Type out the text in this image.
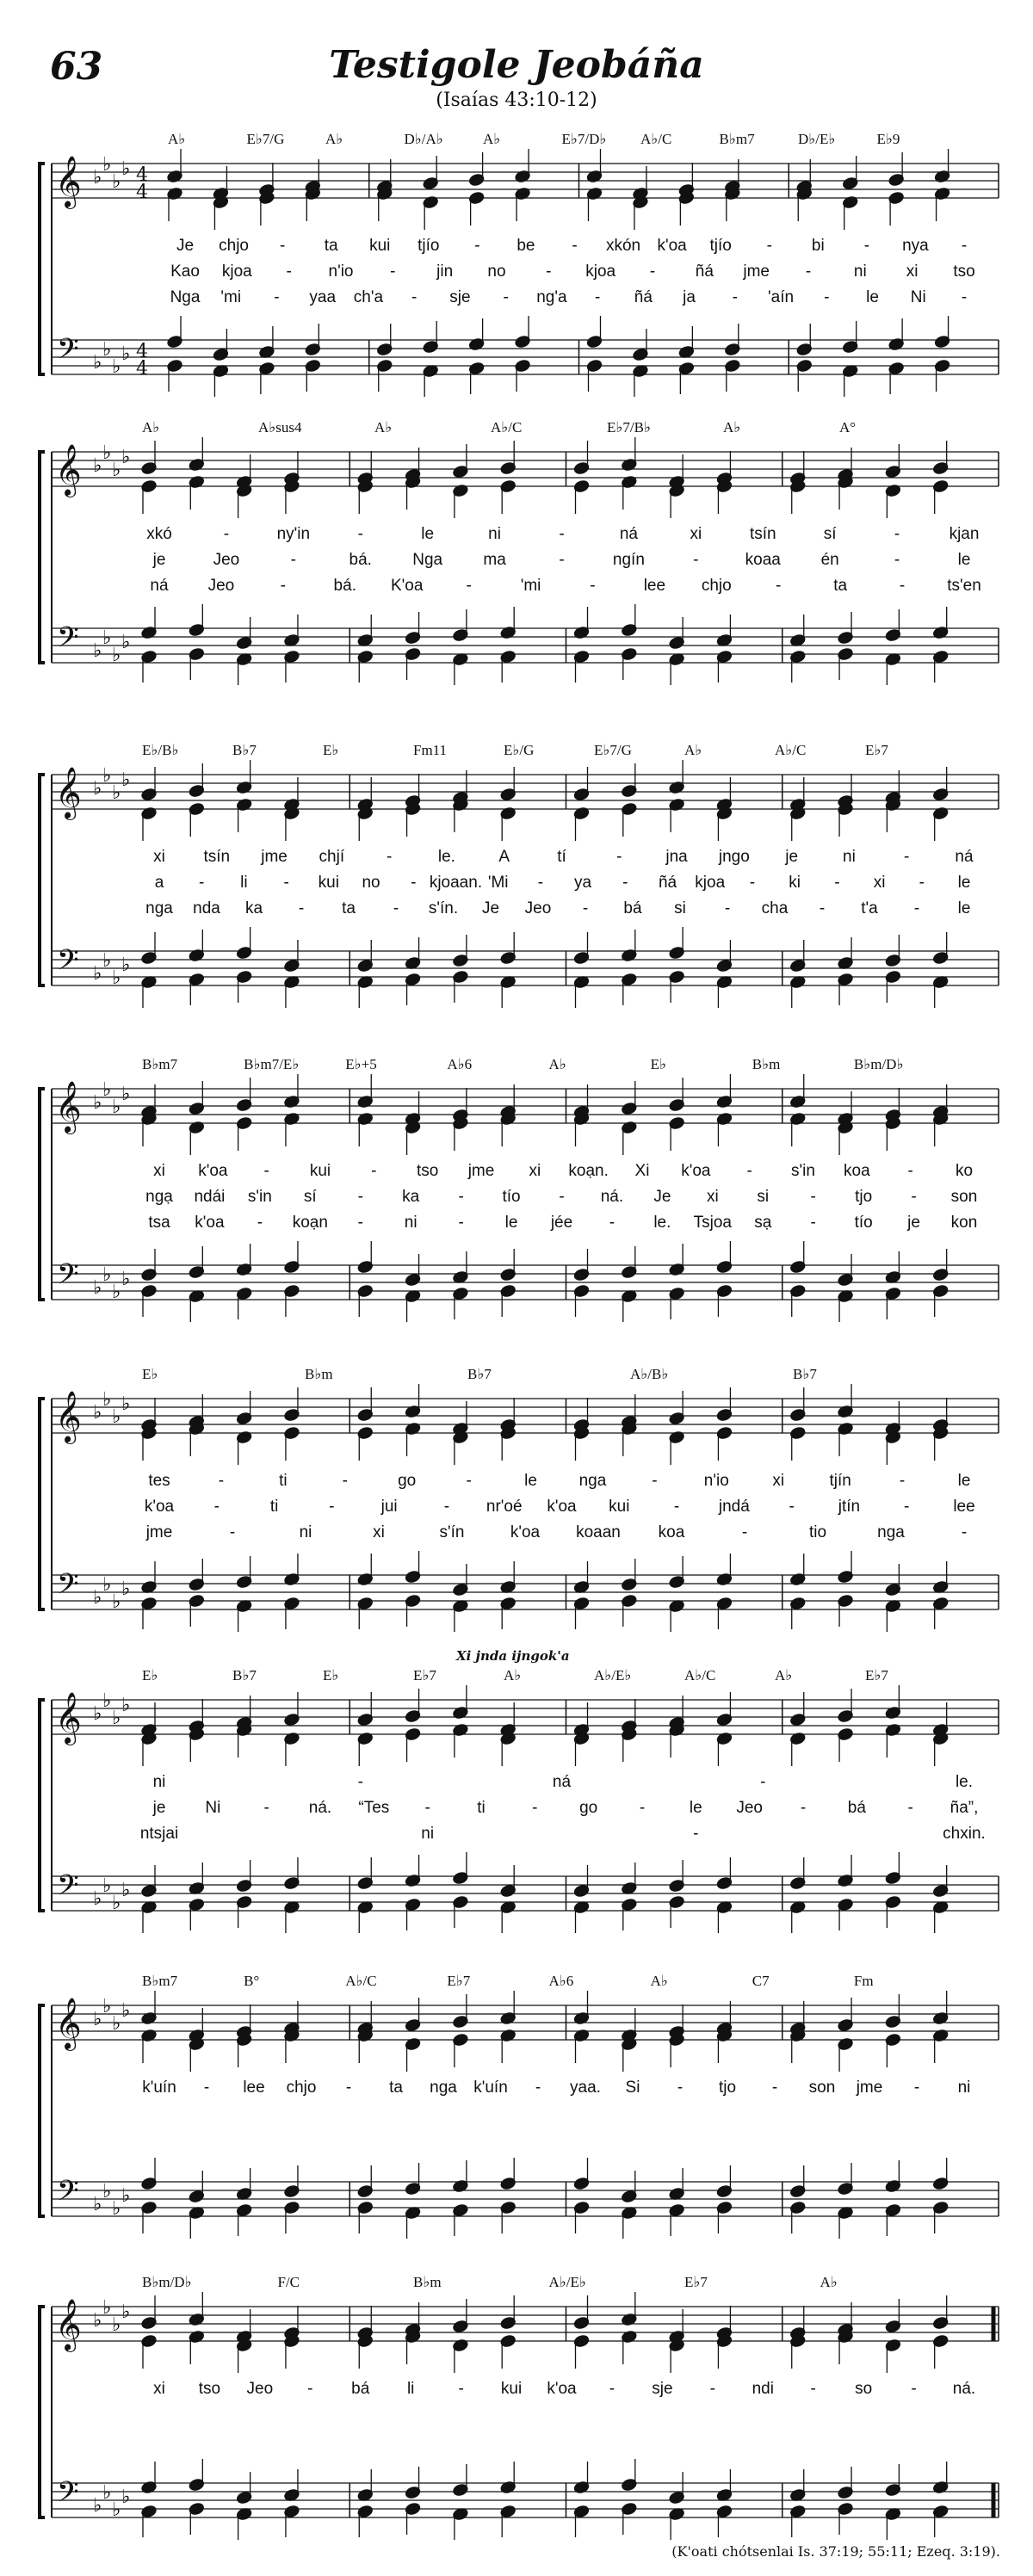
63	Testigole Jeobáña
(Isaías 43:10-12)
𝄞
𝄢
♭
♭
♭
♭
♭
♭
♭
♭
4
4
4
4
A♭	E♭7/G	A♭	D♭/A♭	A♭	E♭7/D♭ A♭/C	B♭m7	D♭/E♭	E♭9
Je chjo - ta kui tjío - be - xkón k'oa tjío - bi - nya -
Kao kjoa - n'io -	jin no - kjoa - ñá jme -	ni xi tso
Nga 'mi - yaa ch'a - sje - ng'a - ñá ja - 'aín - le Ni -
𝄞
𝄢
♭
♭
♭
♭
♭
♭
♭
♭
A♭	A♭sus4	A♭	A♭/C	E♭7/B♭	A♭	A°
xkó	-	ny'in	-	le	ni	-	ná	xi	tsín	sí	-	kjan
je	Jeo	-	bá. Nga ma	-	ngín	-	koaa én	-	le
ná Jeo	-	bá. K'oa	-	'mi	-	lee chjo	-	ta	-	ts'en
𝄞
𝄢
♭
♭
♭
♭
♭
♭
♭
♭
E♭/B♭	B♭7	E♭	Fm11	E♭/G	E♭7/G	A♭	A♭/C	E♭7
xi tsín jme chjí	-	le.	A	tí	-	jna jngo je	ni	-	ná
a - li - kui no - kjoaan. 'Mi - ya - ñá kjoa - ki - xi - le
nga nda ka - ta - s'ín. Je Jeo - bá si - cha - t'a - le
𝄞
𝄢
♭
♭
♭
♭
♭
♭
♭
♭
B♭m7	B♭m7/E♭	E♭+5	A♭6	A♭	E♭	B♭m	B♭m/D♭
xi k'oa - kui - tso jme xi koạn. Xi k'oa - s'in koa -	ko
ngạ ndái s'in sí	- ka - tío - ná. Je xi si	- tjo - son
tsa k'oa - koạn -	ni	-	le jée - le. Tsjoa sạ - tío je kon
𝄞
𝄢
♭
♭
♭
♭
♭
♭
♭
♭
E♭	B♭m	B♭7	A♭/B♭	B♭7
tes	-	ti	-	go	-	le	nga	-	n'io	xi	tjín	-	le
k'oa -	ti	-	jui	- nr'oé k'oa kui	- jndá -	jtín	-	lee
jme	-	ni	xi	s'ín	k'oa koaan koa	-	tio	nga	-
𝄞
𝄢
♭
♭
♭
♭
♭
♭
♭
♭
E♭	B♭7	E♭	E♭7	A♭	A♭/E♭	A♭/C	A♭	E♭7
Xi jnda ijngok'a
ni	-	ná	-	le.
je Ni	- ná. “Tes -	ti	-	go	-	le Jeo -	bá	- ña”,
ntsjai	ni	-	chxin.
𝄞
𝄢
♭
♭
♭
♭
♭
♭
♭
♭
B♭m7	B°	A♭/C	E♭7	A♭6	A♭	C7	Fm
k'uín - lee chjo - ta nga k'uín - yaa. Si - tjo - son jme - ni
𝄞
𝄢
♭
♭
♭
♭
♭
♭
♭
♭
B♭m/D♭	F/C	B♭m	A♭/E♭	E♭7	A♭
xi tso Jeo - bá li	- kui k'oa - sje - ndi - so - ná.
(K'oati chótsenlai Is. 37:19; 55:11; Ezeq. 3:19).
